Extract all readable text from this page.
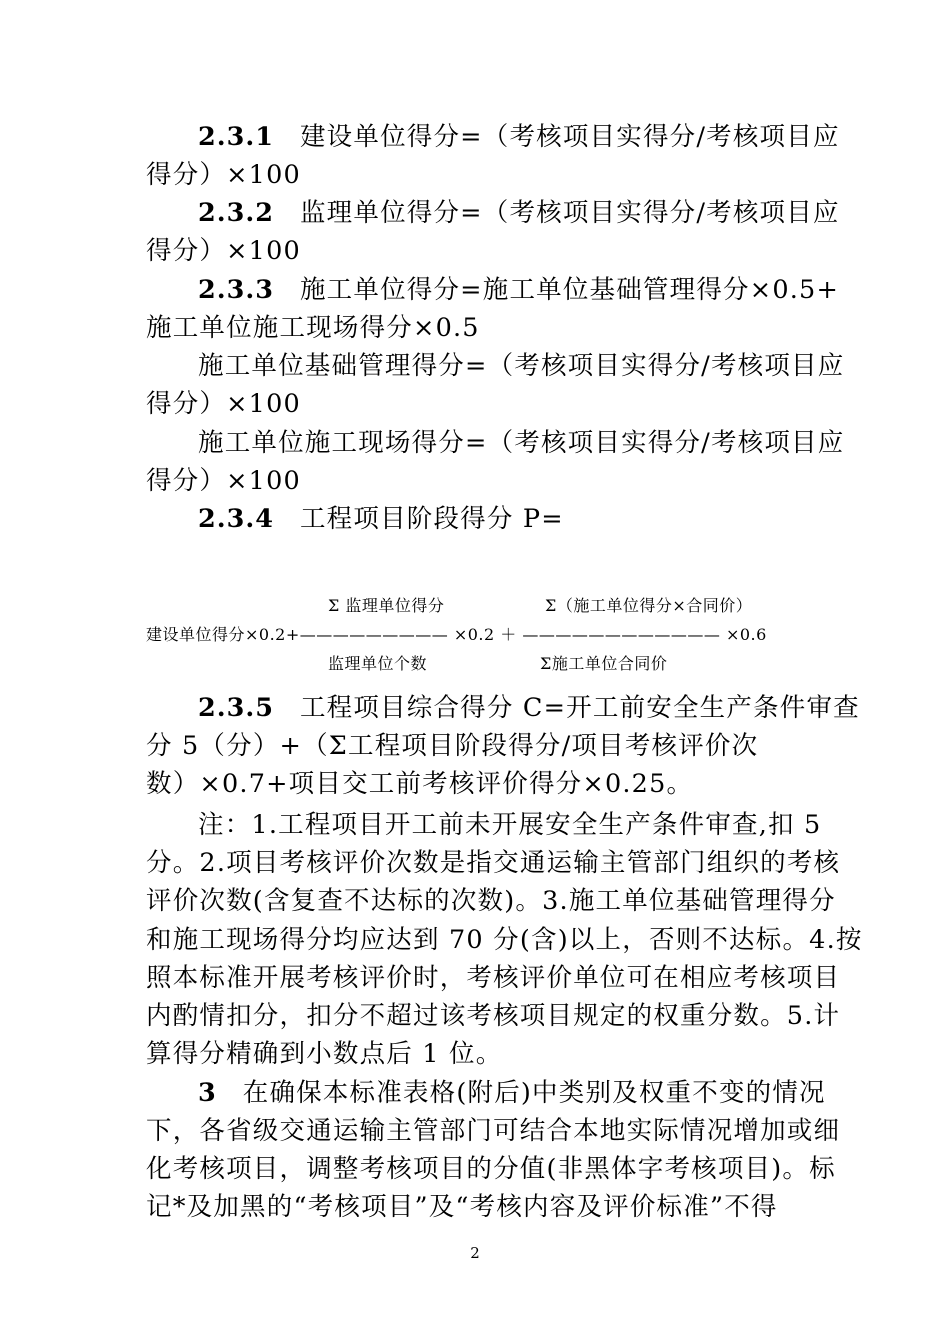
2.3.1 建设单位得分=（考核项目实得分/考核项目应
得分）×100
2.3.2 监理单位得分=（考核项目实得分/考核项目应
得分）×100
2.3.3 施工单位得分=施工单位基础管理得分×0.5+
施工单位施工现场得分×0.5
施工单位基础管理得分=（考核项目实得分/考核项目应
得分）×100
施工单位施工现场得分=（考核项目实得分/考核项目应
得分）×100
2.3.4 工程项目阶段得分 P=
Σ 监理单位得分	Σ（施工单位得分×合同价）
建设单位得分×0.2+————————— ×0.2 ＋ ———————————— ×0.6
监理单位个数	Σ施工单位合同价
2.3.5 工程项目综合得分 C=开工前安全生产条件审查
分 5（分）+（Σ工程项目阶段得分/项目考核评价次
数）×0.7+项目交工前考核评价得分×0.25。
注：1.工程项目开工前未开展安全生产条件审查,扣 5
分。2.项目考核评价次数是指交通运输主管部门组织的考核
评价次数(含复查不达标的次数)。3.施工单位基础管理得分
和施工现场得分均应达到 70 分(含)以上，否则不达标。4.按
照本标准开展考核评价时，考核评价单位可在相应考核项目
内酌情扣分，扣分不超过该考核项目规定的权重分数。5.计
算得分精确到小数点后 1 位。
3 在确保本标准表格(附后)中类别及权重不变的情况
下，各省级交通运输主管部门可结合本地实际情况增加或细
化考核项目，调整考核项目的分值(非黑体字考核项目)。标
记*及加黑的“考核项目”及“考核内容及评价标准”不得
2
